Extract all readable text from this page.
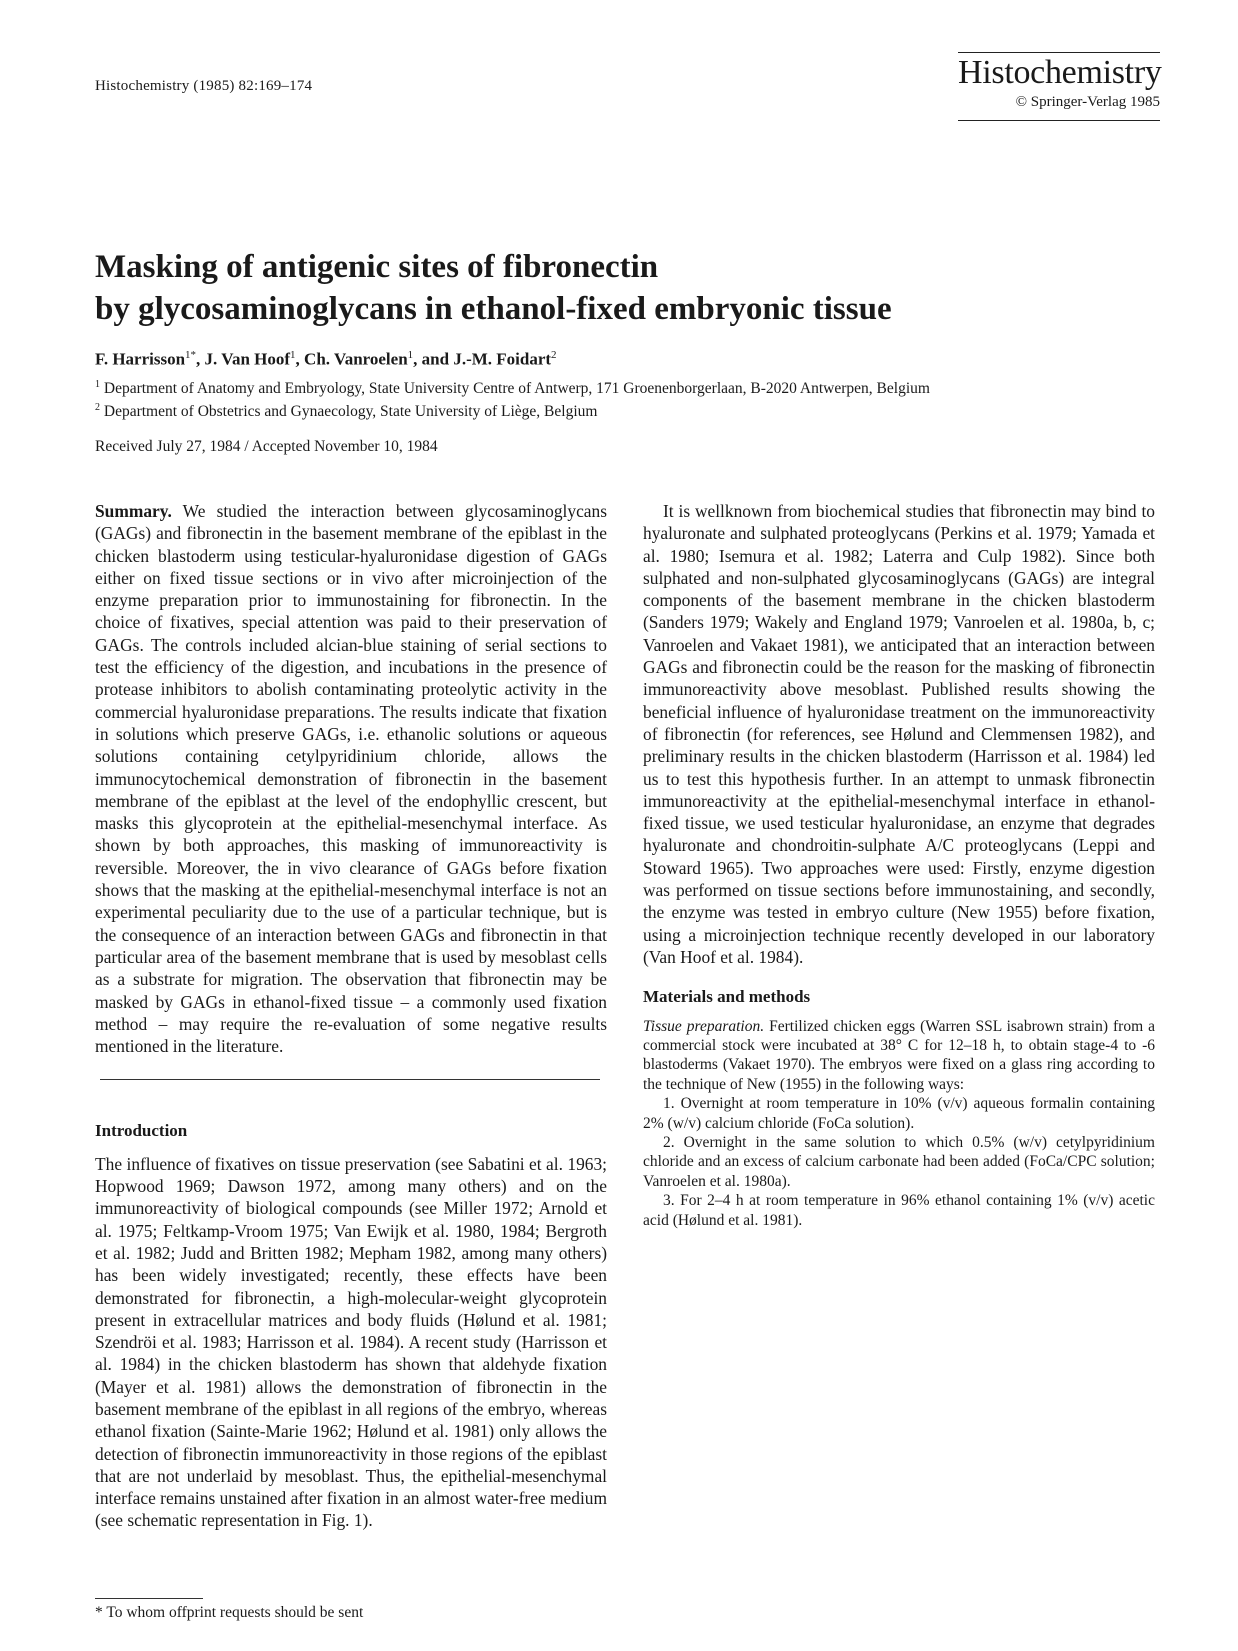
Histochemistry (1985) 82:169–174	Histochemistry
© Springer-Verlag 1985
Masking of antigenic sites of fibronectin
by glycosaminoglycans in ethanol-fixed embryonic tissue
F. Harrisson$^{1*}$, J. Van Hoof$^1$, Ch. Vanroelen$^1$, and J.-M. Foidart$^2$
$^1$ Department of Anatomy and Embryology, State University Centre of Antwerp, 171 Groenenborgerlaan, B-2020 Antwerpen, Belgium
$^2$ Department of Obstetrics and Gynaecology, State University of Liège, Belgium
Received July 27, 1984 / Accepted November 10, 1984

Summary. We studied the interaction between glycosaminoglycans (GAGs) and fibronectin in the basement membrane of the epiblast in the chicken blastoderm using testicular-hyaluronidase digestion of GAGs either on fixed tissue sections or in vivo after microinjection of the enzyme preparation prior to immunostaining for fibronectin. In the choice of fixatives, special attention was paid to their preservation of GAGs. The controls included alcian-blue staining of serial sections to test the efficiency of the digestion, and incubations in the presence of protease inhibitors to abolish contaminating proteolytic activity in the commercial hyaluronidase preparations. The results indicate that fixation in solutions which preserve GAGs, i.e. ethanolic solutions or aqueous solutions containing cetylpyridinium chloride, allows the immunocytochemical demonstration of fibronectin in the basement membrane of the epiblast at the level of the endophyllic crescent, but masks this glycoprotein at the epithelial-mesenchymal interface. As shown by both approaches, this masking of immunoreactivity is reversible. Moreover, the in vivo clearance of GAGs before fixation shows that the masking at the epithelial-mesenchymal interface is not an experimental peculiarity due to the use of a particular technique, but is the consequence of an interaction between GAGs and fibronectin in that particular area of the basement membrane that is used by mesoblast cells as a substrate for migration. The observation that fibronectin may be masked by GAGs in ethanol-fixed tissue – a commonly used fixation method – may require the re-evaluation of some negative results mentioned in the literature.

Introduction

The influence of fixatives on tissue preservation (see Sabatini et al. 1963; Hopwood 1969; Dawson 1972, among many others) and on the immunoreactivity of biological compounds (see Miller 1972; Arnold et al. 1975; Feltkamp-Vroom 1975; Van Ewijk et al. 1980, 1984; Bergroth et al. 1982; Judd and Britten 1982; Mepham 1982, among many others) has been widely investigated; recently, these effects have been demonstrated for fibronectin, a high-molecular-weight glycoprotein present in extracellular matrices and body fluids (Hølund et al. 1981; Szendröi et al. 1983; Harrisson et al. 1984). A recent study (Harrisson et al. 1984) in the chicken blastoderm has shown that aldehyde fixation (Mayer et al. 1981) allows the demonstration of fibronectin in the basement membrane of the epiblast in all regions of the embryo, whereas ethanol fixation (Sainte-Marie 1962; Hølund et al. 1981) only allows the detection of fibronectin immunoreactivity in those regions of the epiblast that are not underlaid by mesoblast. Thus, the epithelial-mesenchymal interface remains unstained after fixation in an almost water-free medium (see schematic representation in Fig. 1).

It is wellknown from biochemical studies that fibronectin may bind to hyaluronate and sulphated proteoglycans (Perkins et al. 1979; Yamada et al. 1980; Isemura et al. 1982; Laterra and Culp 1982). Since both sulphated and non-sulphated glycosaminoglycans (GAGs) are integral components of the basement membrane in the chicken blastoderm (Sanders 1979; Wakely and England 1979; Vanroelen et al. 1980a, b, c; Vanroelen and Vakaet 1981), we anticipated that an interaction between GAGs and fibronectin could be the reason for the masking of fibronectin immunoreactivity above mesoblast. Published results showing the beneficial influence of hyaluronidase treatment on the immunoreactivity of fibronectin (for references, see Hølund and Clemmensen 1982), and preliminary results in the chicken blastoderm (Harrisson et al. 1984) led us to test this hypothesis further. In an attempt to unmask fibronectin immunoreactivity at the epithelial-mesenchymal interface in ethanol-fixed tissue, we used testicular hyaluronidase, an enzyme that degrades hyaluronate and chondroitin-sulphate A/C proteoglycans (Leppi and Stoward 1965). Two approaches were used: Firstly, enzyme digestion was performed on tissue sections before immunostaining, and secondly, the enzyme was tested in embryo culture (New 1955) before fixation, using a microinjection technique recently developed in our laboratory (Van Hoof et al. 1984).

Materials and methods

Tissue preparation. Fertilized chicken eggs (Warren SSL isabrown strain) from a commercial stock were incubated at 38° C for 12–18 h, to obtain stage-4 to -6 blastoderms (Vakaet 1970). The embryos were fixed on a glass ring according to the technique of New (1955) in the following ways:

1. Overnight at room temperature in 10% (v/v) aqueous formalin containing 2% (w/v) calcium chloride (FoCa solution).

2. Overnight in the same solution to which 0.5% (w/v) cetylpyridinium chloride and an excess of calcium carbonate had been added (FoCa/CPC solution; Vanroelen et al. 1980a).

3. For 2–4 h at room temperature in 96% ethanol containing 1% (v/v) acetic acid (Hølund et al. 1981).

* To whom offprint requests should be sent
